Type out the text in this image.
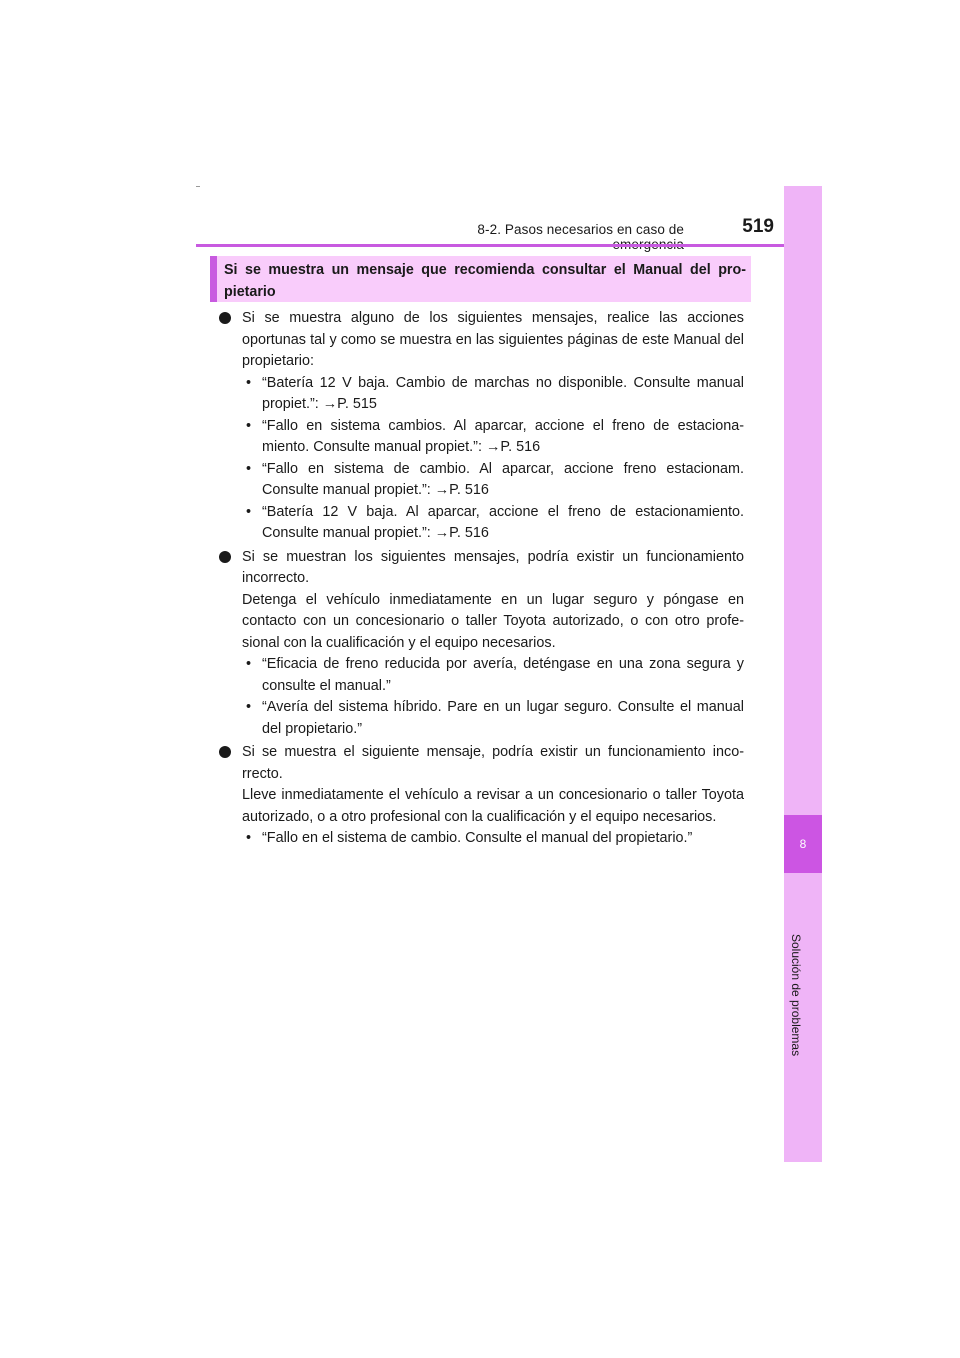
8-2. Pasos necesarios en caso de	519
8
Solución de problemas
Si se muestra un mensaje que recomienda consultar el Manual del pro-pietario
Si se muestra alguno de los siguientes mensajes, realice las acciones oportunas tal y como se muestra en las siguientes páginas de este Manual del propietario:
• “Batería 12 V baja. Cambio de marchas no disponible. Consulte manual propiet.”: →P. 515
• “Fallo en sistema cambios. Al aparcar, accione el freno de estaciona-miento. Consulte manual propiet.”: →P. 516
• “Fallo en sistema de cambio. Al aparcar, accione freno estacionam. Consulte manual propiet.”: →P. 516
• “Batería 12 V baja. Al aparcar, accione el freno de estacionamiento. Consulte manual propiet.”: →P. 516
Si se muestran los siguientes mensajes, podría existir un funcionamiento incorrecto.
Detenga el vehículo inmediatamente en un lugar seguro y póngase en contacto con un concesionario o taller Toyota autorizado, o con otro profe-sional con la cualificación y el equipo necesarios.
• “Eficacia de freno reducida por avería, deténgase en una zona segura y consulte el manual.”
• “Avería del sistema híbrido. Pare en un lugar seguro. Consulte el manual del propietario.”
Si se muestra el siguiente mensaje, podría existir un funcionamiento inco-rrecto.
Lleve inmediatamente el vehículo a revisar a un concesionario o taller Toyota autorizado, o a otro profesional con la cualificación y el equipo necesarios.
• “Fallo en el sistema de cambio. Consulte el manual del propietario.”
